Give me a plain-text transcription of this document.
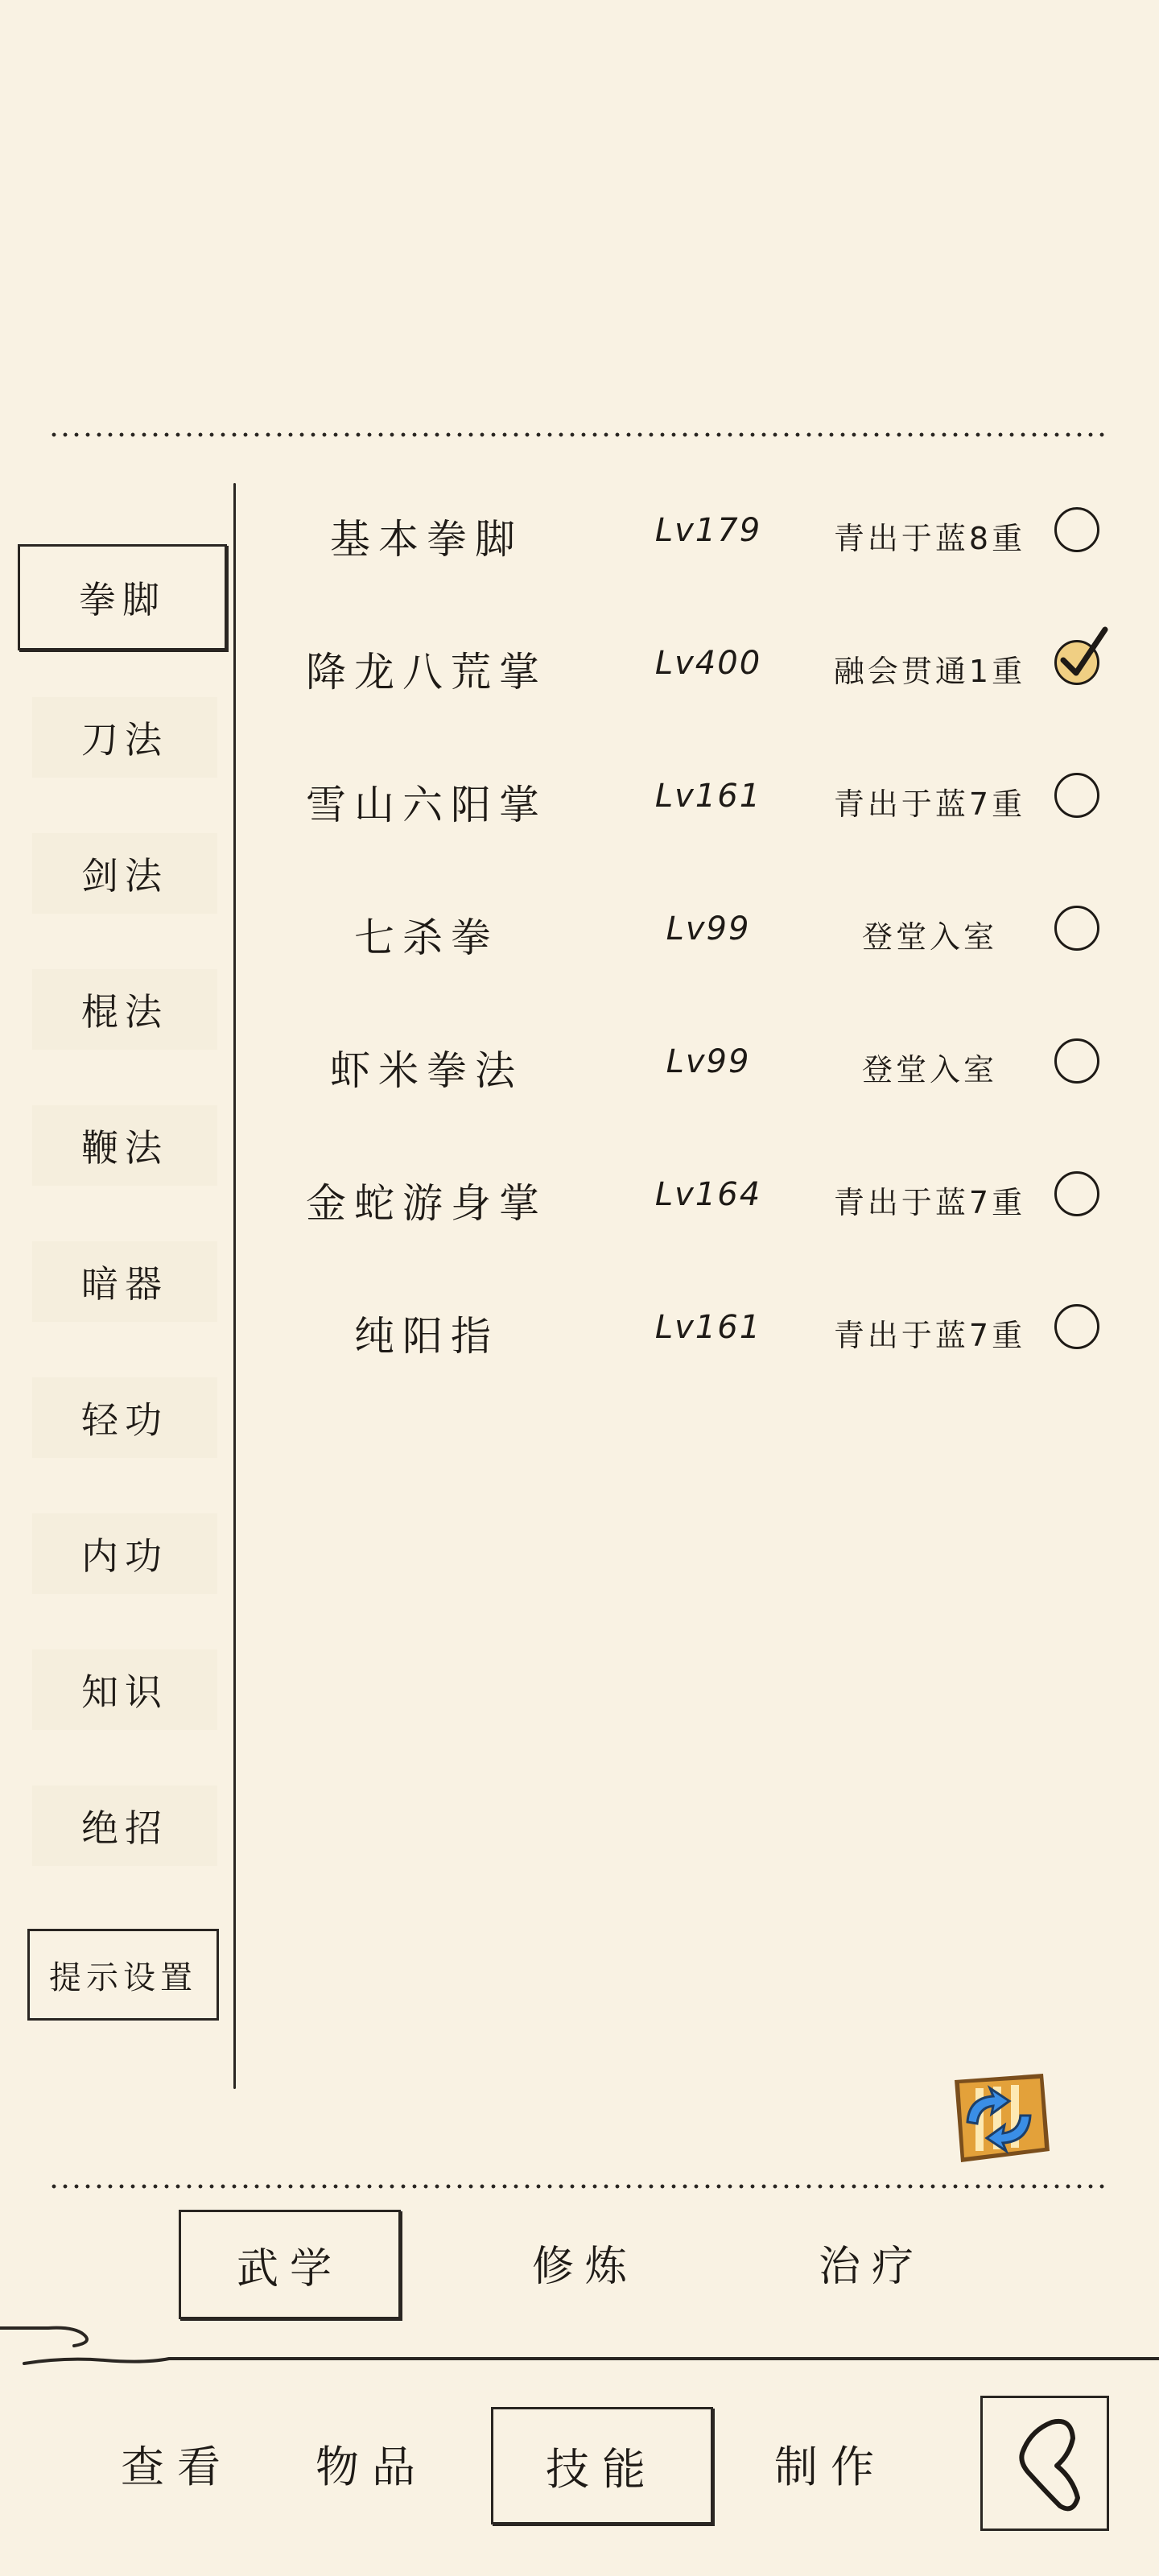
拳脚
刀法
剑法
棍法
鞭法
暗器
轻功
内功
知识
绝招
提示设置
基本拳脚	Lv179	青出于蓝8重
降龙八荒掌	Lv400	融会贯通1重
雪山六阳掌	Lv161	青出于蓝7重
七杀拳	Lv99	登堂入室
虾米拳法	Lv99	登堂入室
金蛇游身掌	Lv164	青出于蓝7重
纯阳指	Lv161	青出于蓝7重
武学	修炼	治疗
查看 物品	技能	制作
